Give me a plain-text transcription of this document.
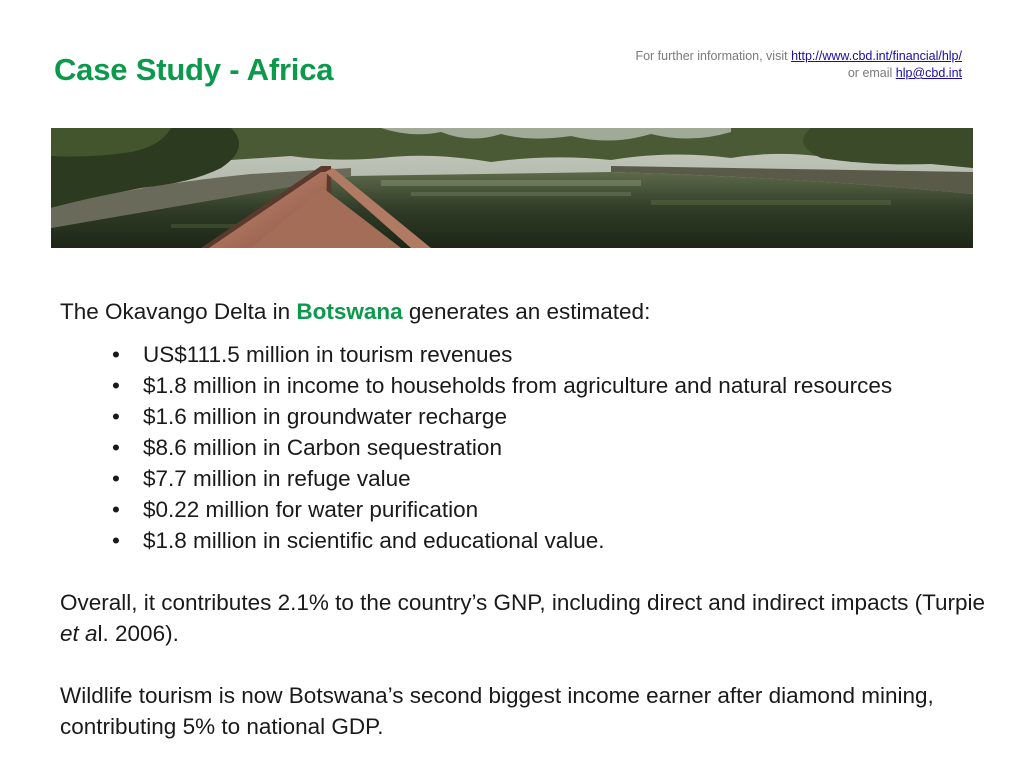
Case Study - Africa	For further information, visit http://www.cbd.int/financial/hlp/
or email hlp@cbd.int

The Okavango Delta in Botswana generates an estimated:

• US$111.5 million in tourism revenues
• $1.8 million in income to households from agriculture and natural resources
• $1.6 million in groundwater recharge
• $8.6 million in Carbon sequestration
• $7.7 million in refuge value
• $0.22 million for water purification
• $1.8 million in scientific and educational value.

Overall, it contributes 2.1% to the country’s GNP, including direct and indirect impacts (Turpie et al. 2006).

Wildlife tourism is now Botswana’s second biggest income earner after diamond mining, contributing 5% to national GDP.
